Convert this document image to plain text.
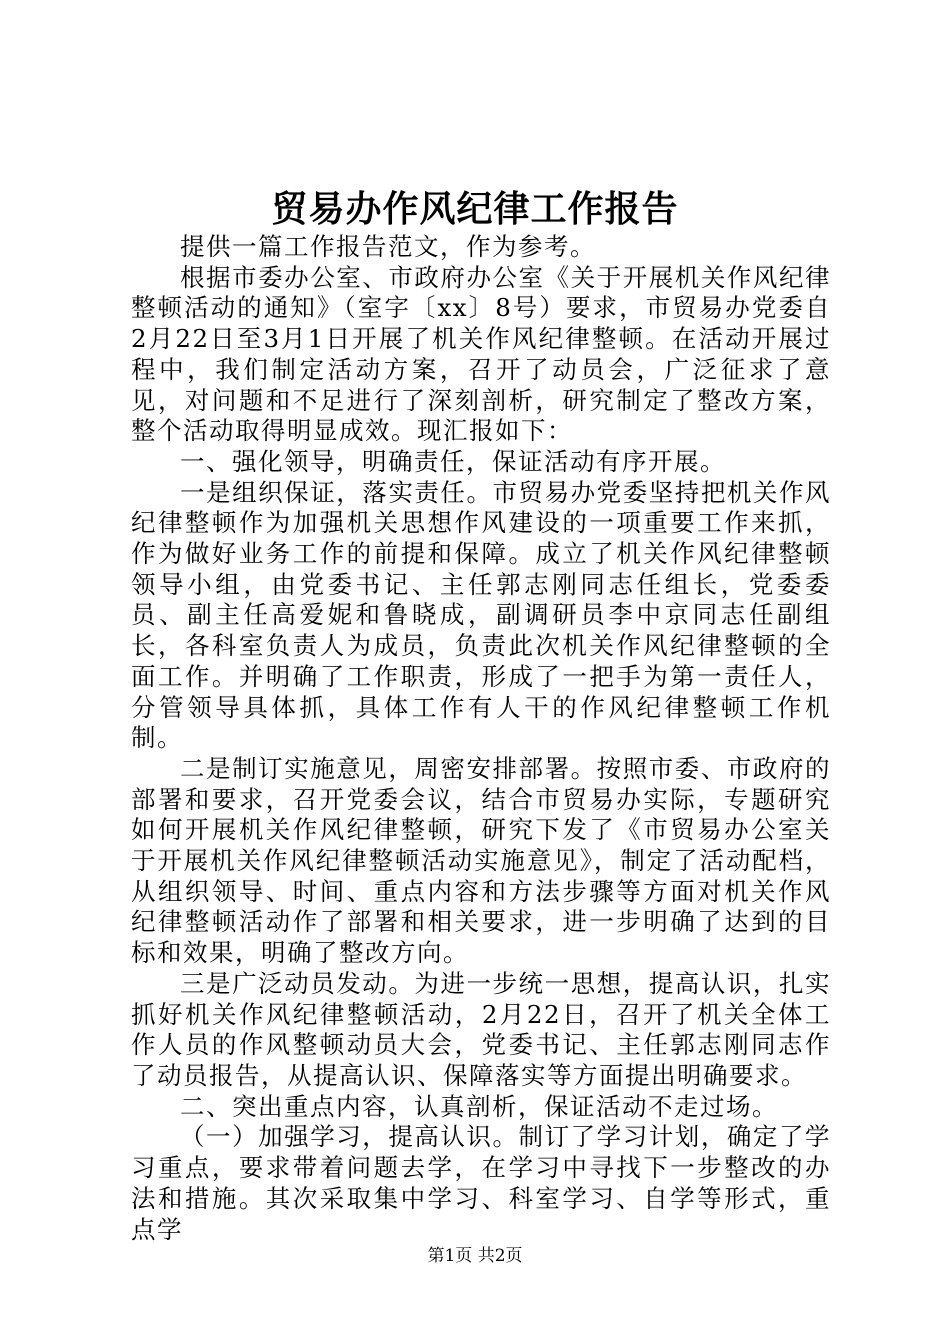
贸易办作风纪律工作报告

提供一篇工作报告范文，作为参考。

根据市委办公室、市政府办公室《关于开展机关作风纪律整顿活动的通知》（室字〔xx〕8号）要求，市贸易办党委自2月22日至3月1日开展了机关作风纪律整顿。在活动开展过程中，我们制定活动方案，召开了动员会，广泛征求了意见，对问题和不足进行了深刻剖析，研究制定了整改方案，整个活动取得明显成效。现汇报如下：

一、强化领导，明确责任，保证活动有序开展。

一是组织保证，落实责任。市贸易办党委坚持把机关作风纪律整顿作为加强机关思想作风建设的一项重要工作来抓，作为做好业务工作的前提和保障。成立了机关作风纪律整顿领导小组，由党委书记、主任郭志刚同志任组长，党委委员、副主任高爱妮和鲁晓成，副调研员李中京同志任副组长，各科室负责人为成员，负责此次机关作风纪律整顿的全面工作。并明确了工作职责，形成了一把手为第一责任人，分管领导具体抓，具体工作有人干的作风纪律整顿工作机制。

二是制订实施意见，周密安排部署。按照市委、市政府的部署和要求，召开党委会议，结合市贸易办实际，专题研究如何开展机关作风纪律整顿，研究下发了《市贸易办公室关于开展机关作风纪律整顿活动实施意见》，制定了活动配档，从组织领导、时间、重点内容和方法步骤等方面对机关作风纪律整顿活动作了部署和相关要求，进一步明确了达到的目标和效果，明确了整改方向。

三是广泛动员发动。为进一步统一思想，提高认识，扎实抓好机关作风纪律整顿活动，2月22日，召开了机关全体工作人员的作风整顿动员大会，党委书记、主任郭志刚同志作了动员报告，从提高认识、保障落实等方面提出明确要求。

二、突出重点内容，认真剖析，保证活动不走过场。

（一）加强学习，提高认识。制订了学习计划，确定了学习重点，要求带着问题去学，在学习中寻找下一步整改的办法和措施。其次采取集中学习、科室学习、自学等形式，重点学

第1页 共2页
